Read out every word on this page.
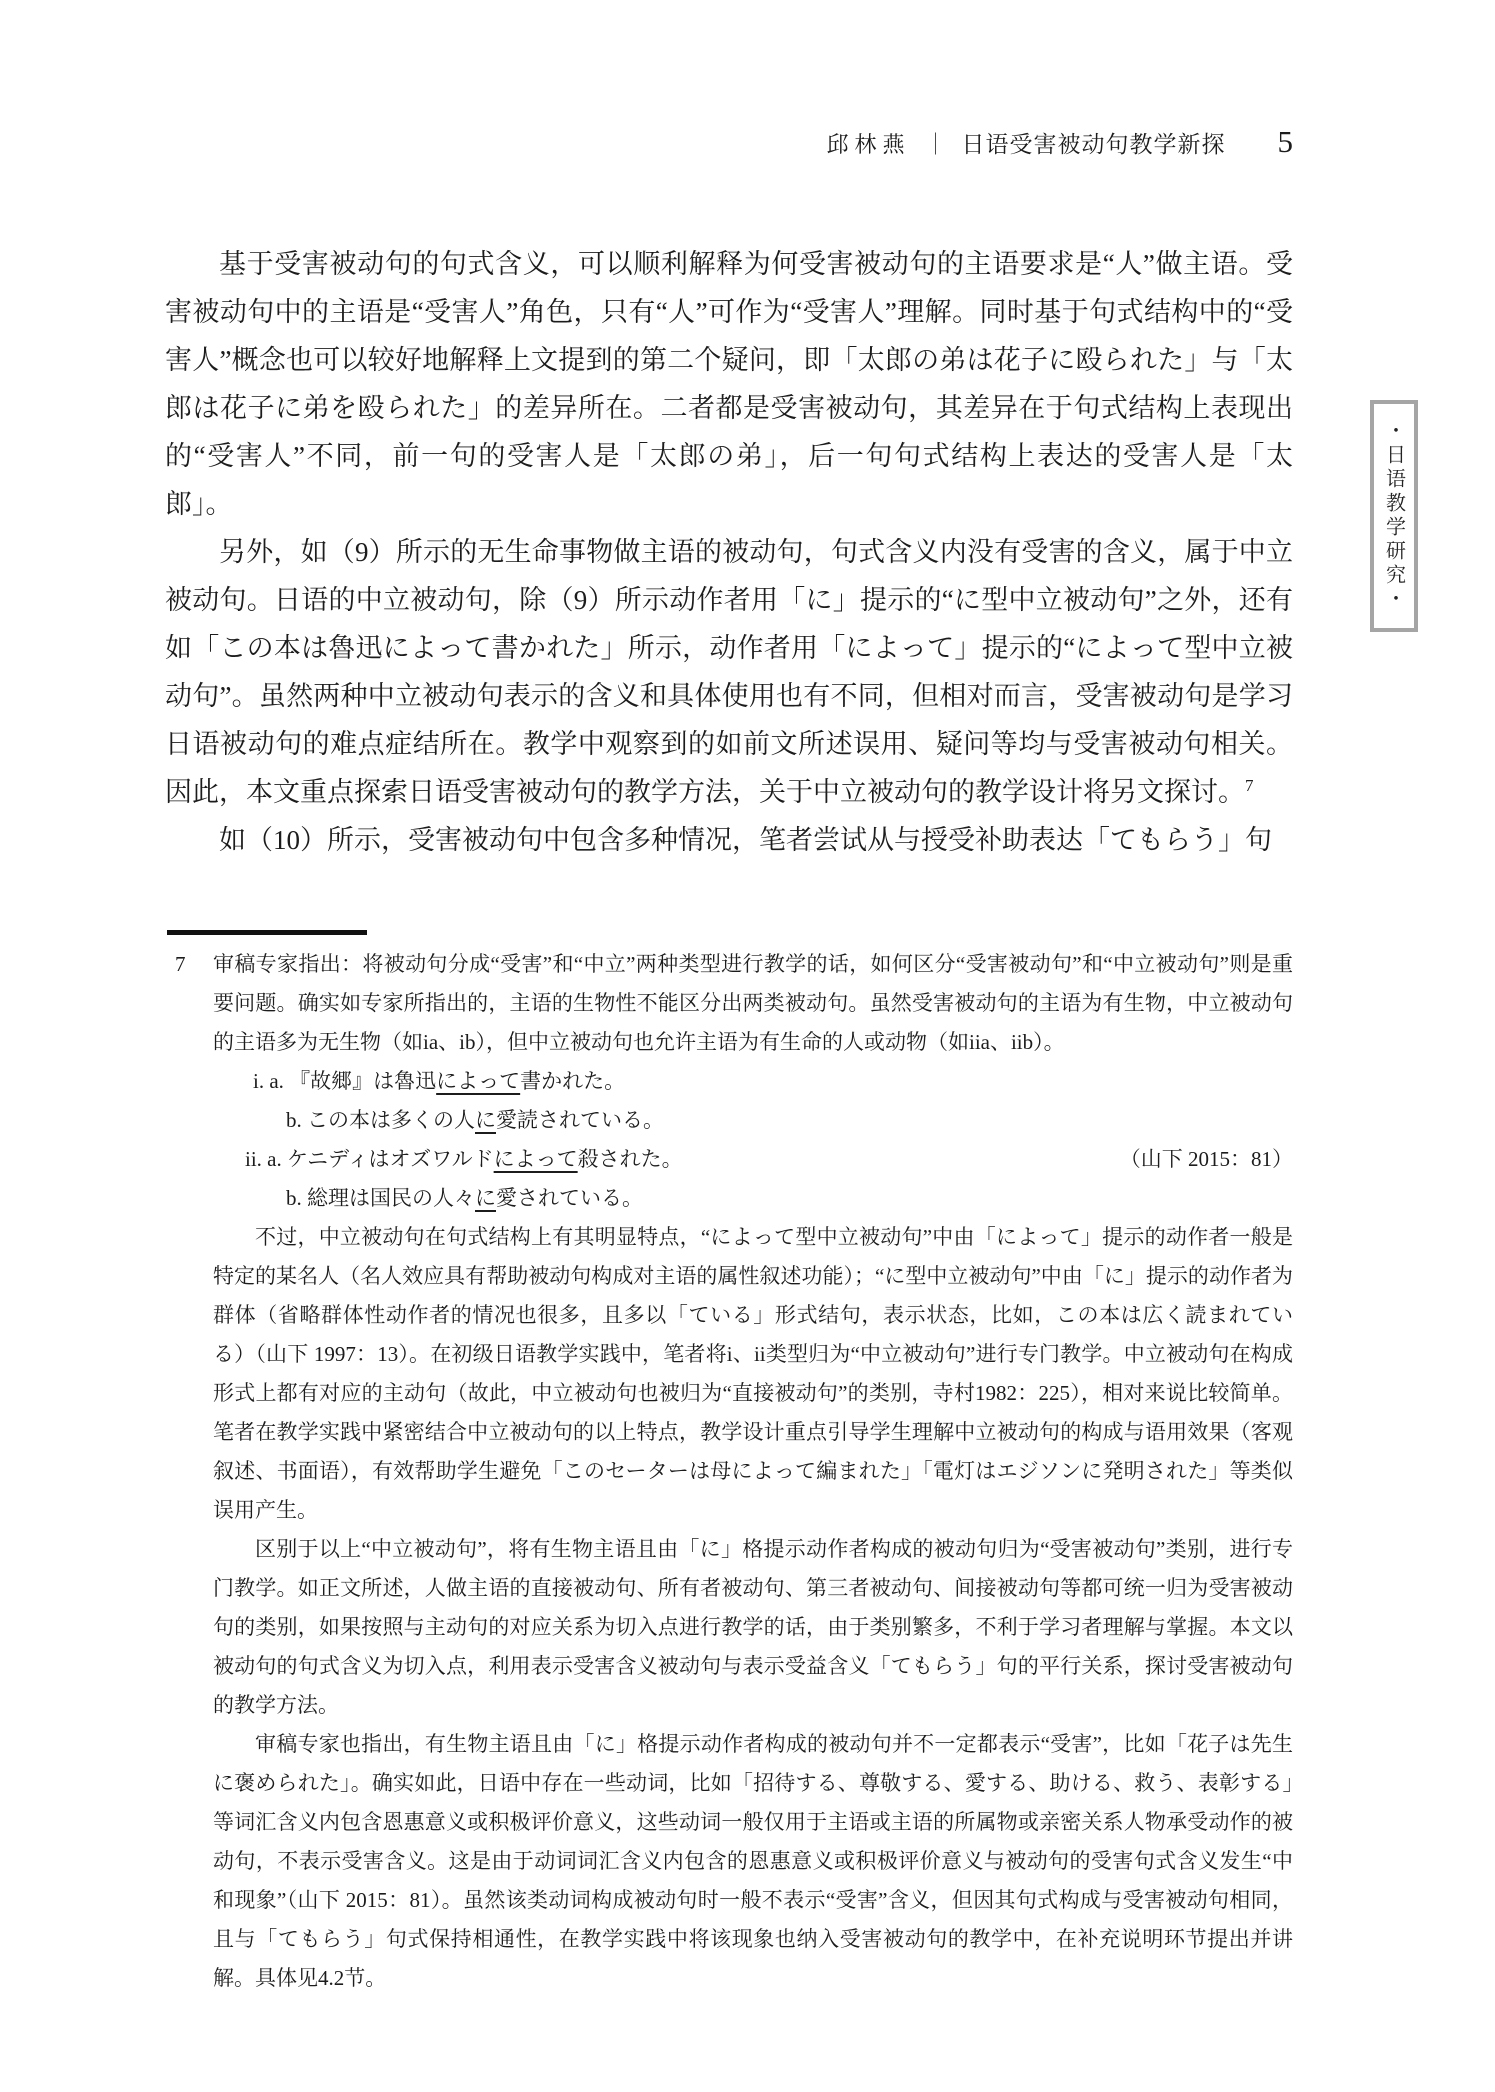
邱林燕 ｜ 日语受害被动句教学新探 5
・日语教学研究・

基于受害被动句的句式含义，可以顺利解释为何受害被动句的主语要求是“人”做主语。受害被动句中的主语是“受害人”角色，只有“人”可作为“受害人”理解。同时基于句式结构中的“受害人”概念也可以较好地解释上文提到的第二个疑问，即「太郎の弟は花子に殴られた」与「太郎は花子に弟を殴られた」的差异所在。二者都是受害被动句，其差异在于句式结构上表现出的“受害人”不同，前一句的受害人是「太郎の弟」，后一句句式结构上表达的受害人是「太郎」。

另外，如（9）所示的无生命事物做主语的被动句，句式含义内没有受害的含义，属于中立被动句。日语的中立被动句，除（9）所示动作者用「に」提示的“に型中立被动句”之外，还有如「この本は魯迅によって書かれた」所示，动作者用「によって」提示的“によって型中立被动句”。虽然两种中立被动句表示的含义和具体使用也有不同，但相对而言，受害被动句是学习日语被动句的难点症结所在。教学中观察到的如前文所述误用、疑问等均与受害被动句相关。因此，本文重点探索日语受害被动句的教学方法，关于中立被动句的教学设计将另文探讨。$^7$

如（10）所示，受害被动句中包含多种情况，笔者尝试从与授受补助表达「てもらう」句

7 审稿专家指出：将被动句分成“受害”和“中立”两种类型进行教学的话，如何区分“受害被动句”和“中立被动句”则是重要问题。确实如专家所指出的，主语的生物性不能区分出两类被动句。虽然受害被动句的主语为有生物，中立被动句的主语多为无生物（如ia、ib），但中立被动句也允许主语为有生命的人或动物（如iia、iib）。

i. a. 『故郷』は魯迅によって書かれた。
b. この本は多くの人に愛読されている。
ii. a. ケニディはオズワルドによって殺された。	（山下 2015：81）
b. 総理は国民の人々に愛されている。

不过，中立被动句在句式结构上有其明显特点，“によって型中立被动句”中由「によって」提示的动作者一般是特定的某名人（名人效应具有帮助被动句构成对主语的属性叙述功能）；“に型中立被动句”中由「に」提示的动作者为群体（省略群体性动作者的情况也很多，且多以「ている」形式结句，表示状态，比如，この本は広く読まれている）（山下 1997：13）。在初级日语教学实践中，笔者将i、ii类型归为“中立被动句”进行专门教学。中立被动句在构成形式上都有对应的主动句（故此，中立被动句也被归为“直接被动句”的类别，寺村1982：225），相对来说比较简单。笔者在教学实践中紧密结合中立被动句的以上特点，教学设计重点引导学生理解中立被动句的构成与语用效果（客观叙述、书面语），有效帮助学生避免「このセーターは母によって編まれた」「電灯はエジソンに発明された」等类似误用产生。

区别于以上“中立被动句”，将有生物主语且由「に」格提示动作者构成的被动句归为“受害被动句”类别，进行专门教学。如正文所述，人做主语的直接被动句、所有者被动句、第三者被动句、间接被动句等都可统一归为受害被动句的类别，如果按照与主动句的对应关系为切入点进行教学的话，由于类别繁多，不利于学习者理解与掌握。本文以被动句的句式含义为切入点，利用表示受害含义被动句与表示受益含义「てもらう」句的平行关系，探讨受害被动句的教学方法。

审稿专家也指出，有生物主语且由「に」格提示动作者构成的被动句并不一定都表示“受害”，比如「花子は先生に褒められた」。确实如此，日语中存在一些动词，比如「招待する、尊敬する、愛する、助ける、救う、表彰する」等词汇含义内包含恩惠意义或积极评价意义，这些动词一般仅用于主语或主语的所属物或亲密关系人物承受动作的被动句，不表示受害含义。这是由于动词词汇含义内包含的恩惠意义或积极评价意义与被动句的受害句式含义发生“中和现象”（山下 2015：81）。虽然该类动词构成被动句时一般不表示“受害”含义，但因其句式构成与受害被动句相同，且与「てもらう」句式保持相通性，在教学实践中将该现象也纳入受害被动句的教学中，在补充说明环节提出并讲解。具体见4.2节。
